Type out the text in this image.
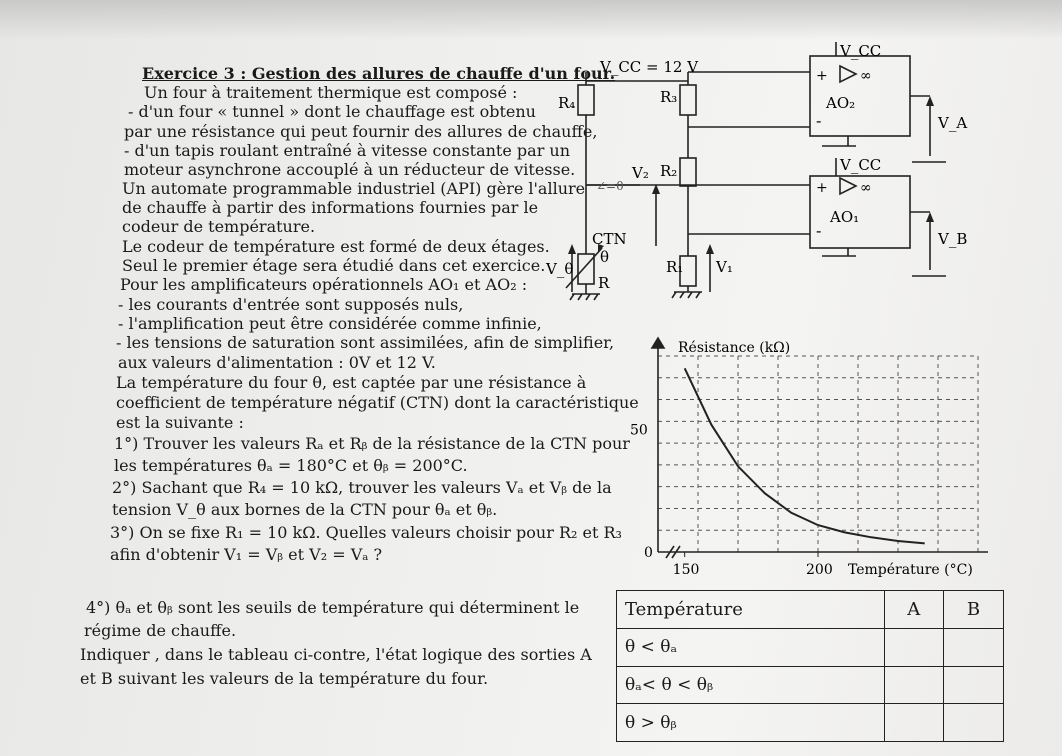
Exercice 3 : Gestion des allures de chauffe d'un four.
Un four à traitement thermique est composé :
- d'un four « tunnel » dont le chauffage est obtenu
par une résistance qui peut fournir des allures de chauffe,
- d'un tapis roulant entraîné à vitesse constante par un
moteur asynchrone accouplé à un réducteur de vitesse.
Un automate programmable industriel (API) gère l'allure
de chauffe à partir des informations fournies par le
codeur de température.
Le codeur de température est formé de deux étages.
Seul le premier étage sera étudié dans cet exercice.
Pour les amplificateurs opérationnels AO₁ et AO₂ :
- les courants d'entrée sont supposés nuls,
- l'amplification peut être considérée comme infinie,
- les tensions de saturation sont assimilées, afin de simplifier,
aux valeurs d'alimentation : 0V et 12 V.
La température du four θ, est captée par une résistance à
coefficient de température négatif (CTN) dont la caractéristique
est la suivante :
1°) Trouver les valeurs Rₐ et Rᵦ de la résistance de la CTN pour
les températures θₐ = 180°C et θᵦ = 200°C.
2°) Sachant que R₄ = 10 kΩ, trouver les valeurs Vₐ et Vᵦ de la
tension V_θ aux bornes de la CTN pour θₐ et θᵦ.
3°) On se fixe R₁ = 10 kΩ. Quelles valeurs choisir pour R₂ et R₃
afin d'obtenir V₁ = Vᵦ et V₂ = Vₐ ?
4°) θₐ et θᵦ sont les seuils de température qui déterminent le
régime de chauffe.
Indiquer , dans le tableau ci-contre, l'état logique des sorties A
et B suivant les valeurs de la température du four.
V_CC = 12 V
R₄	R₃
R₂
R₁
R
V₂
V₁
V_θ
θ
CTN
∠=0
AO₂
AO₁
V_CC
V_CC
∞
∞
+
-
+
-
V_A
V_B
Résistance (kΩ)
Température (°C)
0
150	200
50
Température	A	B
θ < θₐ		
θₐ< θ < θᵦ		
θ > θᵦ		
